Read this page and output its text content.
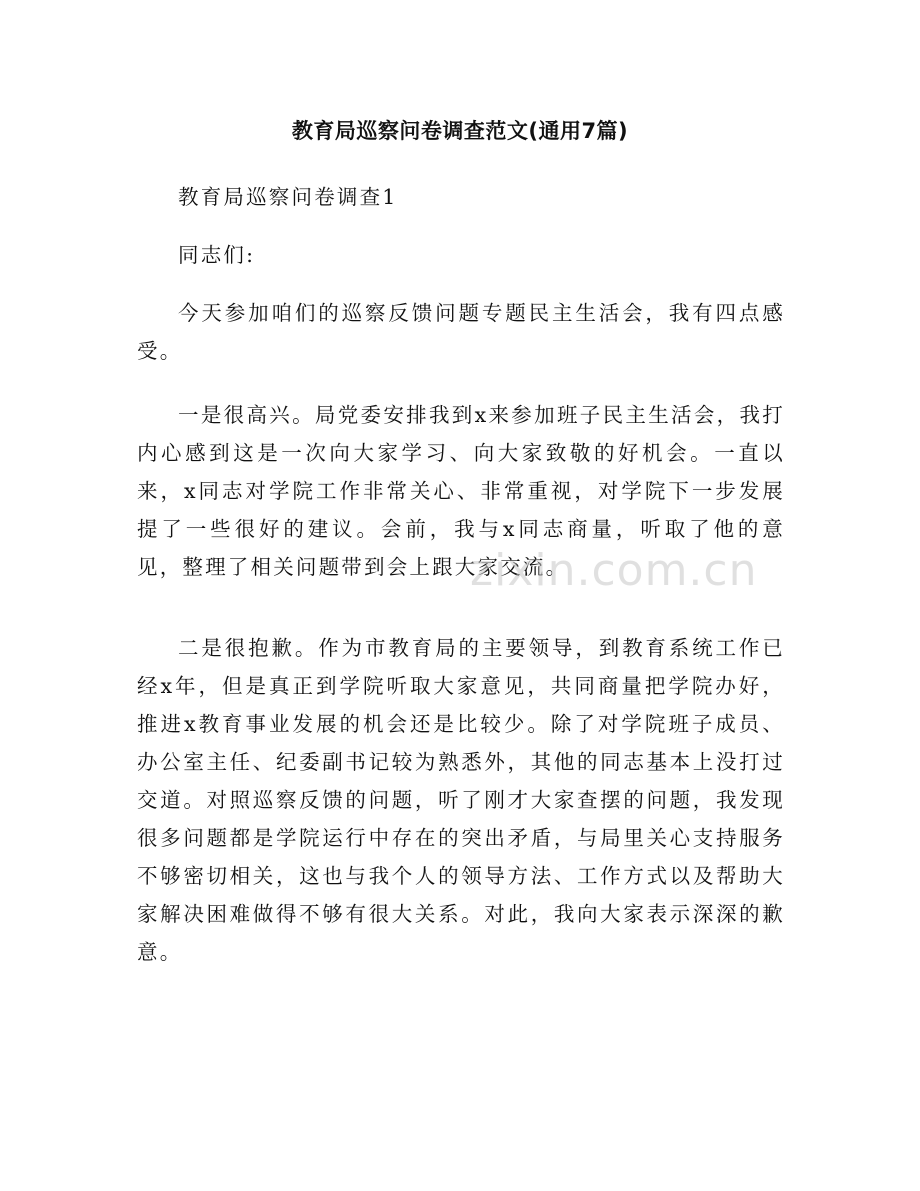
教育局巡察问卷调查范文(通用7篇)

教育局巡察问卷调查1

同志们:

今天参加咱们的巡察反馈问题专题民主生活会，我有四点感受。

一是很高兴。局党委安排我到x来参加班子民主生活会，我打内心感到这是一次向大家学习、向大家致敬的好机会。一直以来，x同志对学院工作非常关心、非常重视，对学院下一步发展提了一些很好的建议。会前，我与x同志商量，听取了他的意见，整理了相关问题带到会上跟大家交流。

二是很抱歉。作为市教育局的主要领导，到教育系统工作已经x年，但是真正到学院听取大家意见，共同商量把学院办好，推进x教育事业发展的机会还是比较少。除了对学院班子成员、办公室主任、纪委副书记较为熟悉外，其他的同志基本上没打过交道。对照巡察反馈的问题，听了刚才大家查摆的问题，我发现很多问题都是学院运行中存在的突出矛盾，与局里关心支持服务不够密切相关，这也与我个人的领导方法、工作方式以及帮助大家解决困难做得不够有很大关系。对此，我向大家表示深深的歉意。

zixin.com.cn
